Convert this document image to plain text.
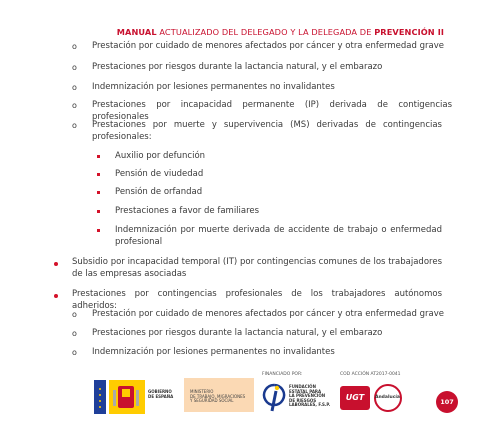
MANUAL ACTUALIZADO DEL DELEGADO Y LA DELEGADA DE PREVENCIÓN II
o Prestación por cuidado de menores afectados por cáncer y otra enfermedad grave
o Prestaciones por riesgos durante la lactancia natural, y el embarazo
o Indemnización por lesiones permanentes no invalidantes
o Prestaciones por incapacidad permanente (IP) derivada de contigencias profesionales
o Prestaciones por muerte y supervivencia (MS) derivadas de contingencias profesionales:
Auxilio por defunción
Pensión de viudedad
Pensión de orfandad
Prestaciones a favor de familiares
Indemnización por muerte derivada de accidente de trabajo o enfermedad profesional
Subsidio por incapacidad temporal (IT) por contingencias comunes de los trabajadores de las empresas asociadas
Prestaciones por contingencias profesionales de los trabajadores autónomos adheridos:
o Prestación por cuidado de menores afectados por cáncer y otra enfermedad grave
o Prestaciones por riesgos durante la lactancia natural, y el embarazo
o Indemnización por lesiones permanentes no invalidantes
GOBIERNO
DE ESPAÑA
MINISTERIO
DE TRABAJO, MIGRACIONES
Y SEGURIDAD SOCIAL
FINANCIADO POR:
FUNDACIÓN
ESTATAL PARA
LA PREVENCIÓN
DE RIESGOS
LABORALES, F.S.P.
COD ACCIÓN AT2017-0041
UGT	Andalucía
107
